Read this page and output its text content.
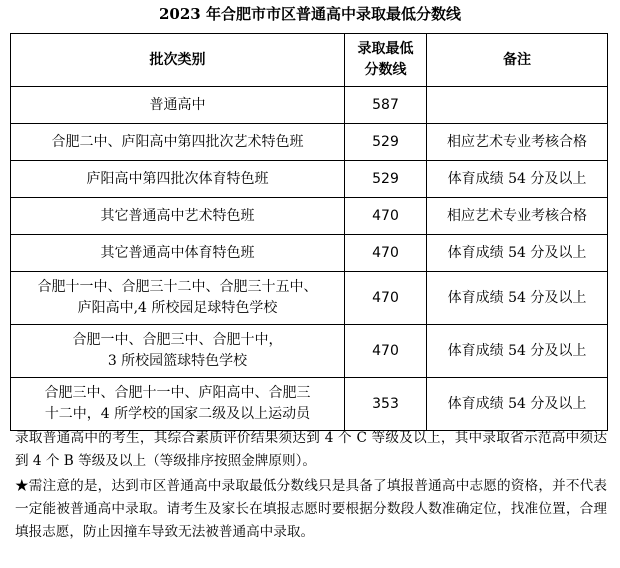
2023 年合肥市市区普通高中录取最低分数线
批次类别	录取最低分数线	备注
普通高中	587	
合肥二中、庐阳高中第四批次艺术特色班	529	相应艺术专业考核合格
庐阳高中第四批次体育特色班	529	体育成绩 54 分及以上
其它普通高中艺术特色班	470	相应艺术专业考核合格
其它普通高中体育特色班	470	体育成绩 54 分及以上

合肥十一中、合肥三十二中、合肥三十五中、
庐阳高中,4 所校园足球特色学校	470	体育成绩 54 分及以上

合肥一中、合肥三中、合肥十中，
3 所校园篮球特色学校	470	体育成绩 54 分及以上

合肥三中、合肥十一中、庐阳高中、合肥三
十二中，4 所学校的国家二级及以上运动员	353	体育成绩 54 分及以上

录取普通高中的考生，其综合素质评价结果须达到 4 个 C 等级及以上，其中录取省示范高中须达到 4 个 B 等级及以上（等级排序按照金牌原则）。

★需注意的是，达到市区普通高中录取最低分数线只是具备了填报普通高中志愿的资格，并不代表一定能被普通高中录取。请考生及家长在填报志愿时要根据分数段人数准确定位，找准位置，合理填报志愿，防止因撞车导致无法被普通高中录取。
